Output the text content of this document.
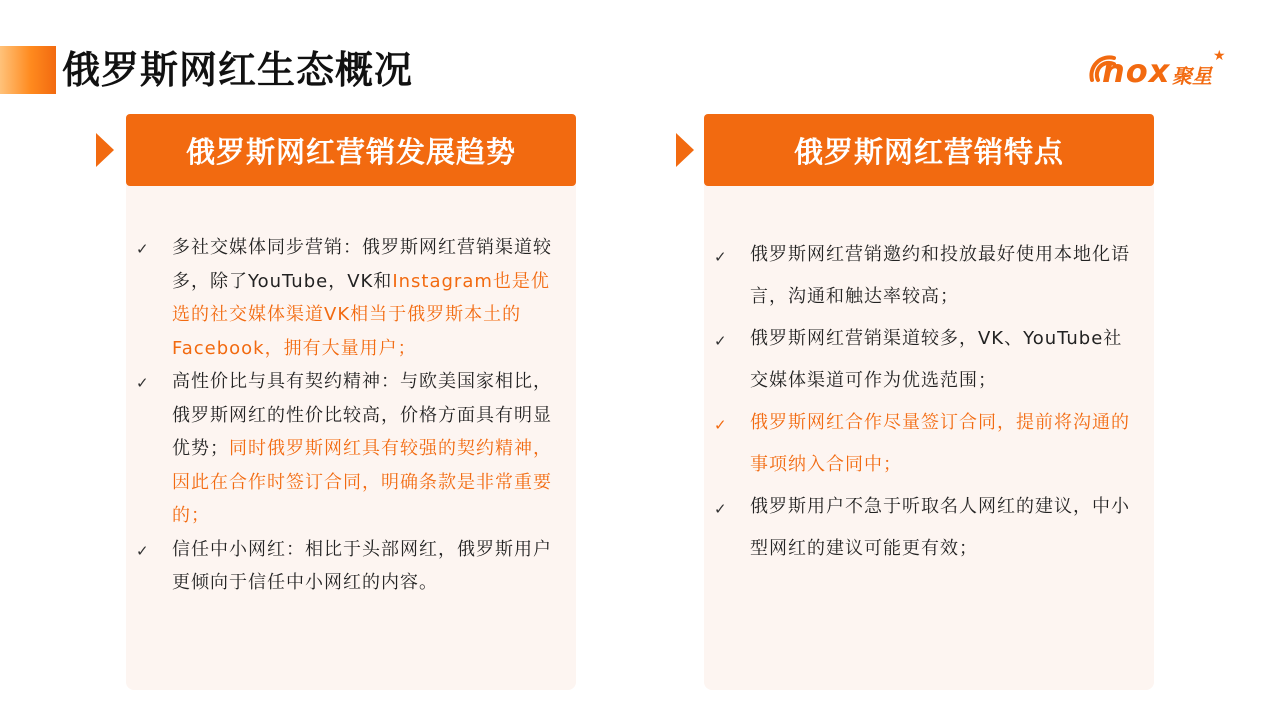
俄罗斯网红生态概况	nox 聚星
★
俄罗斯网红营销发展趋势	俄罗斯网红营销特点
✓ 多社交媒体同步营销：俄罗斯网红营销渠道较多，除了YouTube，VK和Instagram也是优选的社交媒体渠道VK相当于俄罗斯本土的Facebook，拥有大量用户；
✓ 高性价比与具有契约精神：与欧美国家相比，俄罗斯网红的性价比较高，价格方面具有明显优势；同时俄罗斯网红具有较强的契约精神，因此在合作时签订合同，明确条款是非常重要的；
✓ 信任中小网红：相比于头部网红，俄罗斯用户更倾向于信任中小网红的内容。
✓ 俄罗斯网红营销邀约和投放最好使用本地化语言，沟通和触达率较高；
✓ 俄罗斯网红营销渠道较多，VK、YouTube社交媒体渠道可作为优选范围；
✓ 俄罗斯网红合作尽量签订合同，提前将沟通的事项纳入合同中；
✓ 俄罗斯用户不急于听取名人网红的建议，中小型网红的建议可能更有效；
